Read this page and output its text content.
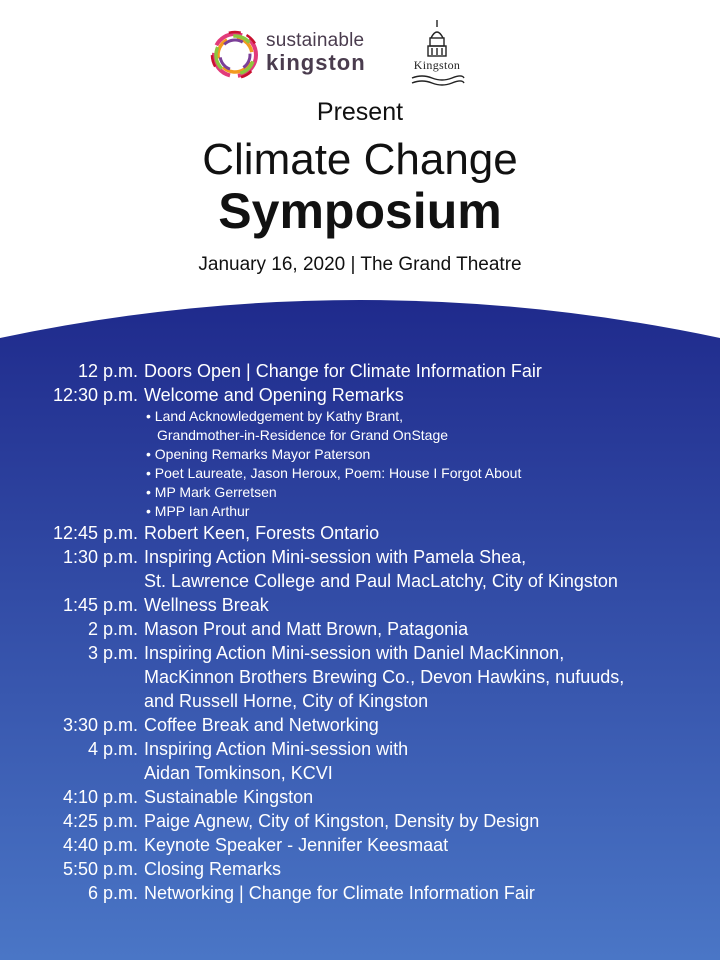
sustainable
kingston	Kingston
Present
Climate Change
Symposium
January 16, 2020 | The Grand Theatre
12 p.m. Doors Open | Change for Climate Information Fair
12:30 p.m. Welcome and Opening Remarks
• Land Acknowledgement by Kathy Brant,
Grandmother-in-Residence for Grand OnStage
• Opening Remarks Mayor Paterson
• Poet Laureate, Jason Heroux, Poem: House I Forgot About
• MP Mark Gerretsen
• MPP Ian Arthur
12:45 p.m. Robert Keen, Forests Ontario
1:30 p.m. Inspiring Action Mini-session with Pamela Shea,
St. Lawrence College and Paul MacLatchy, City of Kingston
1:45 p.m. Wellness Break
2 p.m. Mason Prout and Matt Brown, Patagonia
3 p.m. Inspiring Action Mini-session with Daniel MacKinnon,
MacKinnon Brothers Brewing Co., Devon Hawkins, nufuuds,
and Russell Horne, City of Kingston
3:30 p.m. Coffee Break and Networking
4 p.m. Inspiring Action Mini-session with
Aidan Tomkinson, KCVI
4:10 p.m. Sustainable Kingston
4:25 p.m. Paige Agnew, City of Kingston, Density by Design
4:40 p.m. Keynote Speaker - Jennifer Keesmaat
5:50 p.m. Closing Remarks
6 p.m. Networking | Change for Climate Information Fair
